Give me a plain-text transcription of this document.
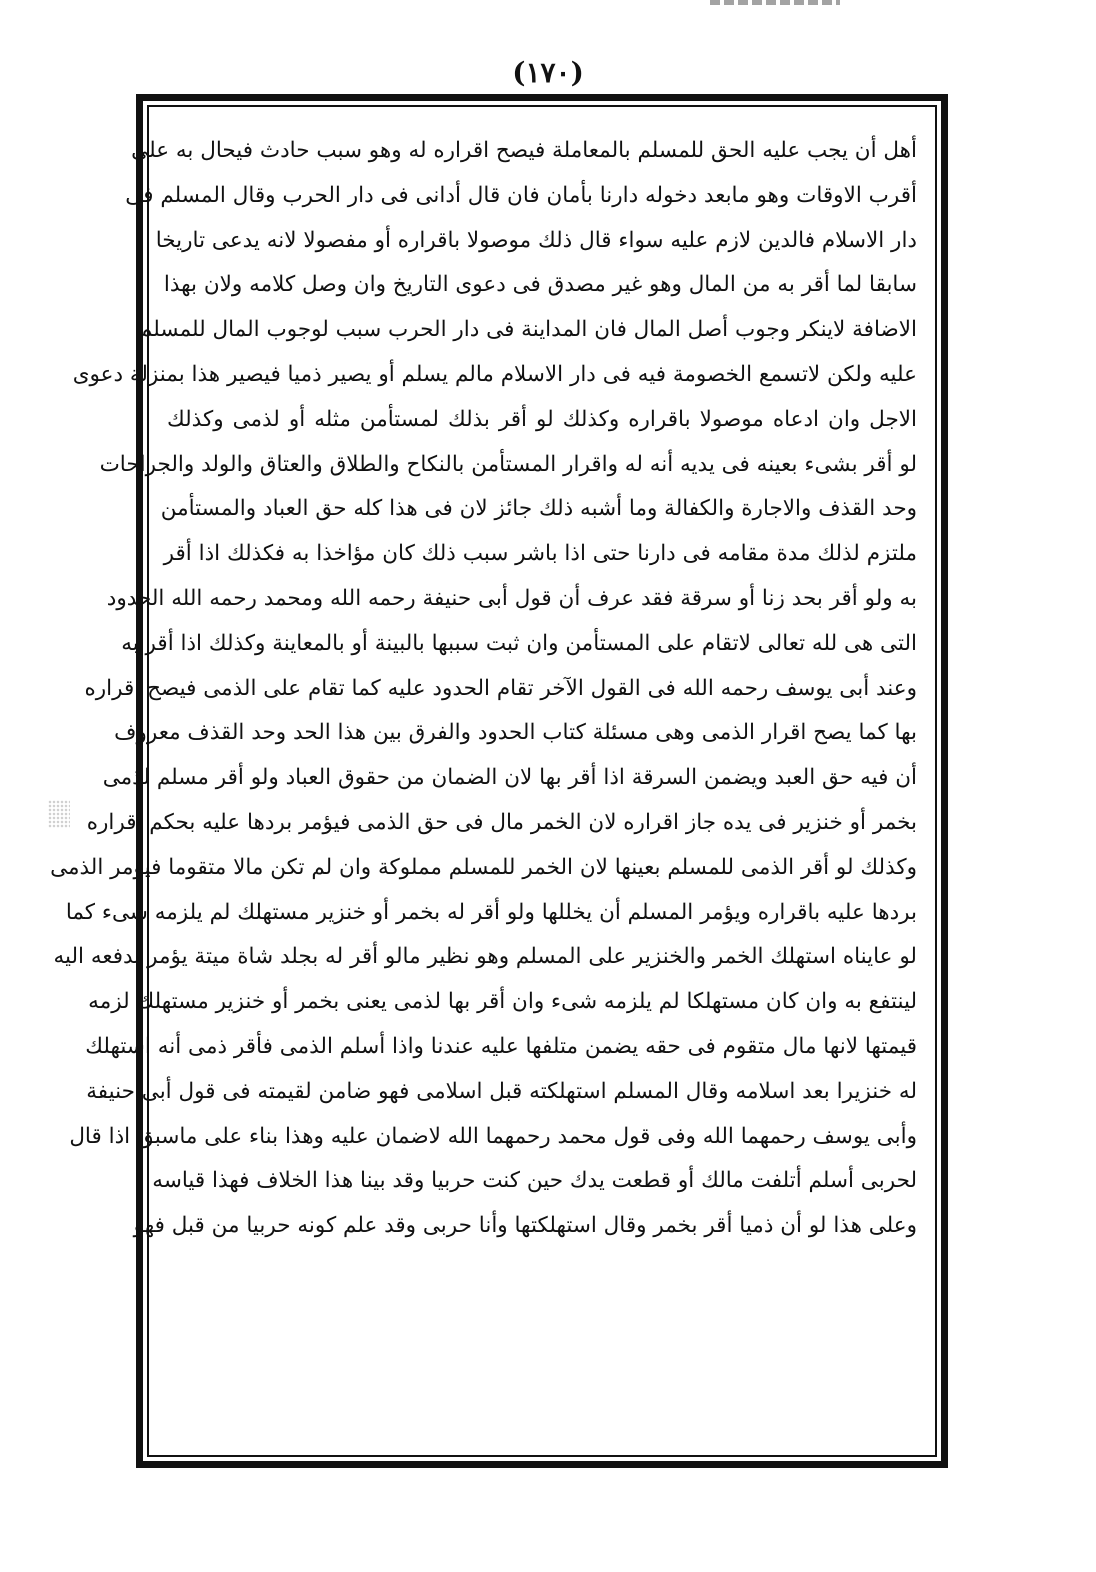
(١٧٠)
أهل أن يجب عليه الحق للمسلم بالمعاملة فيصح اقراره له وهو سبب حادث فيحال به على
أقرب الاوقات وهو مابعد دخوله دارنا بأمان فان قال أدانى فى دار الحرب وقال المسلم فى
دار الاسلام فالدين لازم عليه سواء قال ذلك موصولا باقراره أو مفصولا لانه يدعى تاريخا
سابقا لما أقر به من المال وهو غير مصدق فى دعوى التاريخ وان وصل كلامه ولان بهذا
الاضافة لاينكر وجوب أصل المال فان المداينة فى دار الحرب سبب لوجوب المال للمسلم
عليه ولكن لاتسمع الخصومة فيه فى دار الاسلام مالم يسلم أو يصير ذميا فيصير هذا بمنزلة دعوى
الاجل وان ادعاه موصولا باقراره وكذلك لو أقر بذلك لمستأمن مثله أو لذمى وكذلك
لو أقر بشىء بعينه فى يديه أنه له واقرار المستأمن بالنكاح والطلاق والعتاق والولد والجراحات
وحد القذف والاجارة والكفالة وما أشبه ذلك جائز لان فى هذا كله حق العباد والمستأمن
ملتزم لذلك مدة مقامه فى دارنا حتى اذا باشر سبب ذلك كان مؤاخذا به فكذلك اذا أقر
به ولو أقر بحد زنا أو سرقة فقد عرف أن قول أبى حنيفة رحمه الله ومحمد رحمه الله الحدود
التى هى لله تعالى لاتقام على المستأمن وان ثبت سببها بالبينة أو بالمعاينة وكذلك اذا أقر به
وعند أبى يوسف رحمه الله فى القول الآخر تقام الحدود عليه كما تقام على الذمى فيصح اقراره
بها كما يصح اقرار الذمى وهى مسئلة كتاب الحدود والفرق بين هذا الحد وحد القذف معروف
أن فيه حق العبد ويضمن السرقة اذا أقر بها لان الضمان من حقوق العباد ولو أقر مسلم لذمى
بخمر أو خنزير فى يده جاز اقراره لان الخمر مال فى حق الذمى فيؤمر بردها عليه بحكم اقراره
وكذلك لو أقر الذمى للمسلم بعينها لان الخمر للمسلم مملوكة وان لم تكن مالا متقوما فيؤمر الذمى
بردها عليه باقراره ويؤمر المسلم أن يخللها ولو أقر له بخمر أو خنزير مستهلك لم يلزمه شىء كما
لو عايناه استهلك الخمر والخنزير على المسلم وهو نظير مالو أقر له بجلد شاة ميتة يؤمر بدفعه اليه
لينتفع به وان كان مستهلكا لم يلزمه شىء وان أقر بها لذمى يعنى بخمر أو خنزير مستهلك لزمه
قيمتها لانها مال متقوم فى حقه يضمن متلفها عليه عندنا واذا أسلم الذمى فأقر ذمى أنه استهلك
له خنزيرا بعد اسلامه وقال المسلم استهلكته قبل اسلامى فهو ضامن لقيمته فى قول أبى حنيفة
وأبى يوسف رحمهما الله وفى قول محمد رحمهما الله لاضمان عليه وهذا بناء على ماسبق اذا قال
لحربى أسلم أتلفت مالك أو قطعت يدك حين كنت حربيا وقد بينا هذا الخلاف فهذا قياسه
وعلى هذا لو أن ذميا أقر بخمر وقال استهلكتها وأنا حربى وقد علم كونه حربيا من قبل فهو
